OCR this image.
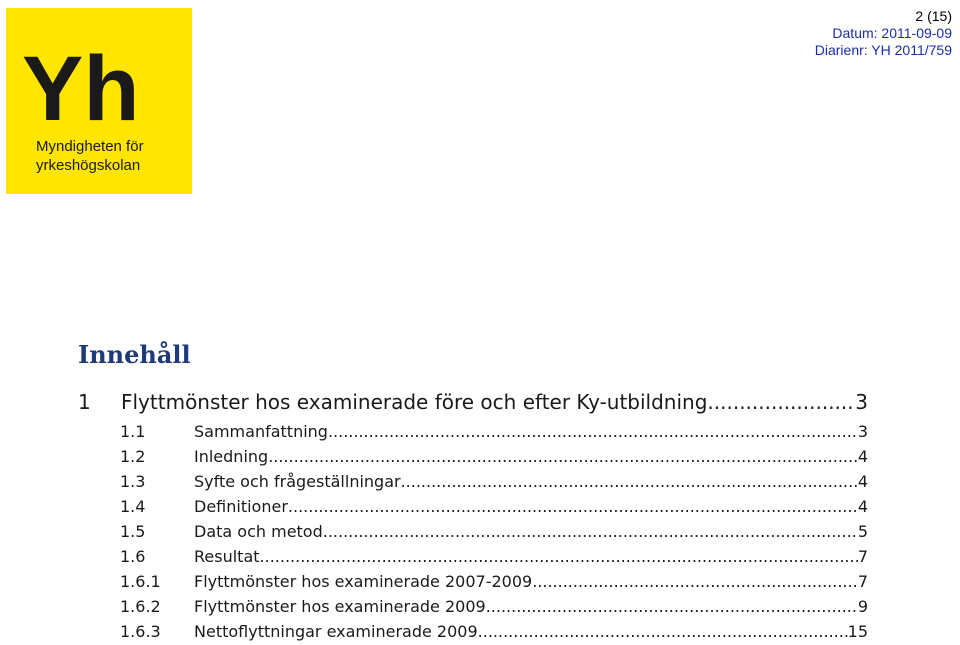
Yh
Myndigheten för
yrkeshögskolan
2 (15)
Datum: 2011-09-09
Diarienr: YH 2011/759
Innehåll
1	Flyttmönster hos examinerade före och efter Ky-utbildning .....	3
1.1	Sammanfattning .....	3
1.2	Inledning .....	4
1.3	Syfte och frågeställningar .....	4
1.4	Definitioner .....	4
1.5	Data och metod .....	5
1.6	Resultat .....	7
1.6.1	Flyttmönster hos examinerade 2007-2009 .....	7
1.6.2	Flyttmönster hos examinerade 2009 .....	9
1.6.3	Nettoflyttningar examinerade 2009 .....	15
